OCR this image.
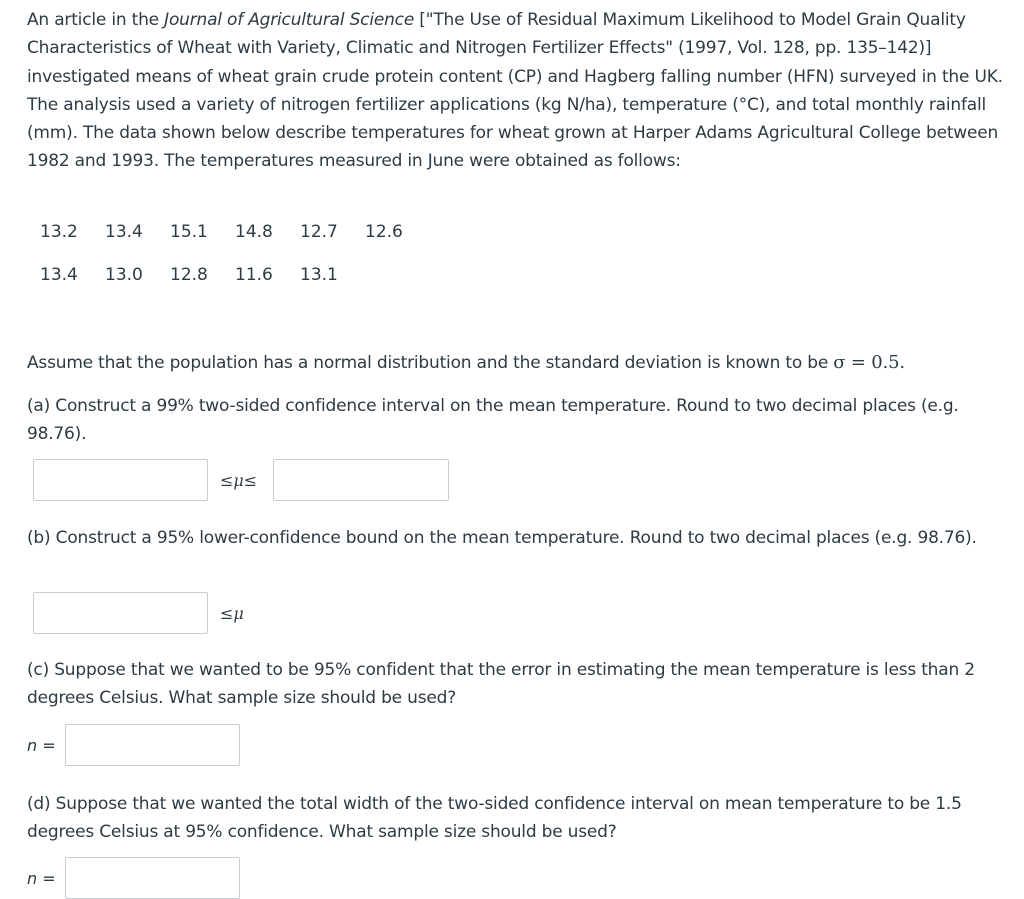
An article in the Journal of Agricultural Science ["The Use of Residual Maximum Likelihood to Model Grain Quality Characteristics of Wheat with Variety, Climatic and Nitrogen Fertilizer Effects" (1997, Vol. 128, pp. 135–142)] investigated means of wheat grain crude protein content (CP) and Hagberg falling number (HFN) surveyed in the UK. The analysis used a variety of nitrogen fertilizer applications (kg N/ha), temperature (°C), and total monthly rainfall (mm). The data shown below describe temperatures for wheat grown at Harper Adams Agricultural College between 1982 and 1993. The temperatures measured in June were obtained as follows:

13.2	13.4	15.1	14.8	12.7	12.6
13.4	13.0	12.8	11.6	13.1

Assume that the population has a normal distribution and the standard deviation is known to be σ = 0.5.

(a) Construct a 99% two-sided confidence interval on the mean temperature. Round to two decimal places (e.g. 98.76).

≤μ≤

(b) Construct a 95% lower-confidence bound on the mean temperature. Round to two decimal places (e.g. 98.76).

≤μ

(c) Suppose that we wanted to be 95% confident that the error in estimating the mean temperature is less than 2 degrees Celsius. What sample size should be used?

n =

(d) Suppose that we wanted the total width of the two-sided confidence interval on mean temperature to be 1.5 degrees Celsius at 95% confidence. What sample size should be used?

n =
